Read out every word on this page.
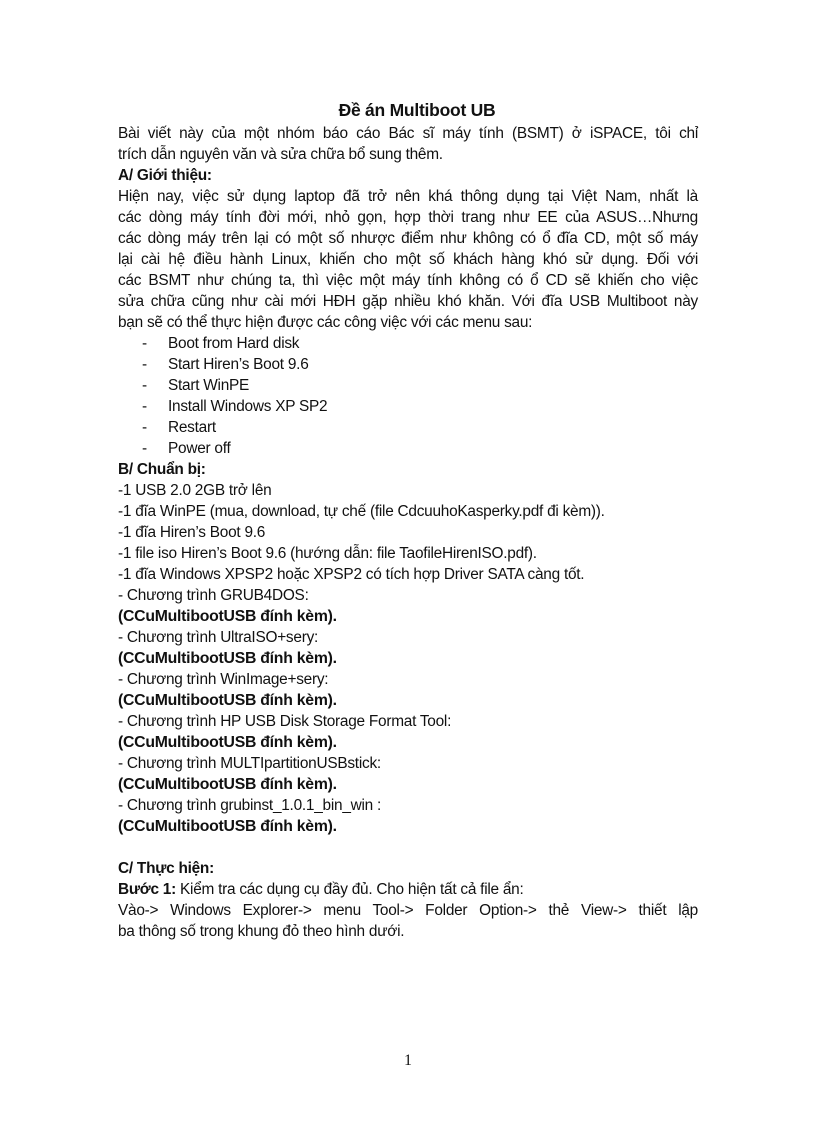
Đề án Multiboot UB
Bài viết này của một nhóm báo cáo Bác sĩ máy tính (BSMT) ở iSPACE, tôi chỉ
trích dẫn nguyên văn và sửa chữa bổ sung thêm.
A/ Giới thiệu:
Hiện nay, việc sử dụng laptop đã trở nên khá thông dụng tại Việt Nam, nhất là
các dòng máy tính đời mới, nhỏ gọn, hợp thời trang như EE của ASUS…Nhưng
các dòng máy trên lại có một số nhược điểm như không có ổ đĩa CD, một số máy
lại cài hệ điều hành Linux, khiến cho một số khách hàng khó sử dụng. Đối với
các BSMT như chúng ta, thì việc một máy tính không có ổ CD sẽ khiến cho việc
sửa chữa cũng như cài mới HĐH gặp nhiều khó khăn. Với đĩa USB Multiboot này
bạn sẽ có thể thực hiện được các công việc với các menu sau:
- Boot from Hard disk
- Start Hiren’s Boot 9.6
- Start WinPE
- Install Windows XP SP2
- Restart
- Power off
B/ Chuẩn bị:
-1 USB 2.0 2GB trở lên
-1 đĩa WinPE (mua, download, tự chế (file CdcuuhoKasperky.pdf đi kèm)).
-1 đĩa Hiren’s Boot 9.6
-1 file iso Hiren’s Boot 9.6 (hướng dẫn: file TaofileHirenISO.pdf).
-1 đĩa Windows XPSP2 hoặc XPSP2 có tích hợp Driver SATA càng tốt.
- Chương trình GRUB4DOS:
(CCuMultibootUSB đính kèm).
- Chương trình UltraISO+sery:
(CCuMultibootUSB đính kèm).
- Chương trình WinImage+sery:
(CCuMultibootUSB đính kèm).
- Chương trình HP USB Disk Storage Format Tool:
(CCuMultibootUSB đính kèm).
- Chương trình MULTIpartitionUSBstick:
(CCuMultibootUSB đính kèm).
- Chương trình grubinst_1.0.1_bin_win :
(CCuMultibootUSB đính kèm).
C/ Thực hiện:
Bước 1: Kiểm tra các dụng cụ đầy đủ. Cho hiện tất cả file ẩn:
Vào-> Windows Explorer-> menu Tool-> Folder Option-> thẻ View-> thiết lập
ba thông số trong khung đỏ theo hình dưới.
1
